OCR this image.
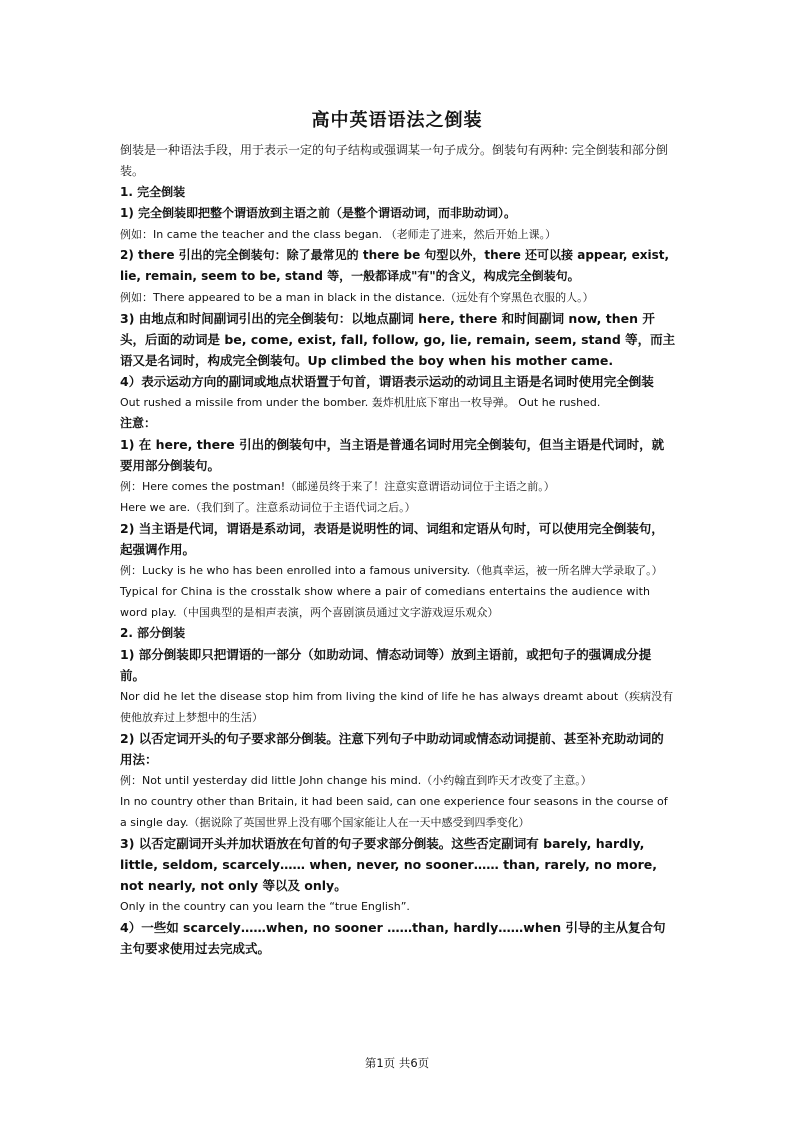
高中英语语法之倒装

倒装是一种语法手段，用于表示一定的句子结构或强调某一句子成分。倒装句有两种: 完全倒装和部分倒装。

1. 完全倒装

1) 完全倒装即把整个谓语放到主语之前（是整个谓语动词，而非助动词）。

例如：In came the teacher and the class began. （老师走了进来，然后开始上课。）

2) there 引出的完全倒装句：除了最常见的 there be 句型以外，there 还可以接 appear, exist, lie, remain, seem to be, stand 等，一般都译成"有"的含义，构成完全倒装句。

例如：There appeared to be a man in black in the distance.（远处有个穿黑色衣服的人。）

3) 由地点和时间副词引出的完全倒装句：以地点副词 here, there 和时间副词 now, then 开头，后面的动词是 be, come, exist, fall, follow, go, lie, remain, seem, stand 等，而主语又是名词时，构成完全倒装句。Up climbed the boy when his mother came.

4）表示运动方向的副词或地点状语置于句首，谓语表示运动的动词且主语是名词时使用完全倒装

Out rushed a missile from under the bomber. 轰炸机肚底下窜出一枚导弹。 Out he rushed.

注意：

1) 在 here, there 引出的倒装句中，当主语是普通名词时用完全倒装句，但当主语是代词时，就要用部分倒装句。

例：Here comes the postman!（邮递员终于来了！注意实意谓语动词位于主语之前。）

Here we are.（我们到了。注意系动词位于主语代词之后。）

2) 当主语是代词，谓语是系动词，表语是说明性的词、词组和定语从句时，可以使用完全倒装句，起强调作用。

例：Lucky is he who has been enrolled into a famous university.（他真幸运，被一所名牌大学录取了。）

Typical for China is the crosstalk show where a pair of comedians entertains the audience with word play.（中国典型的是相声表演，两个喜剧演员通过文字游戏逗乐观众）

2. 部分倒装

1) 部分倒装即只把谓语的一部分（如助动词、情态动词等）放到主语前，或把句子的强调成分提前。

Nor did he let the disease stop him from living the kind of life he has always dreamt about（疾病没有使他放弃过上梦想中的生活）

2) 以否定词开头的句子要求部分倒装。注意下列句子中助动词或情态动词提前、甚至补充助动词的用法：

例：Not until yesterday did little John change his mind.（小约翰直到昨天才改变了主意。）

In no country other than Britain, it had been said, can one experience four seasons in the course of a single day.（据说除了英国世界上没有哪个国家能让人在一天中感受到四季变化）

3) 以否定副词开头并加状语放在句首的句子要求部分倒装。这些否定副词有 barely, hardly, little, seldom, scarcely…… when, never, no sooner…… than, rarely, no more, not nearly, not only 等以及 only。

Only in the country can you learn the “true English”.

4）一些如 scarcely……when, no sooner ……than, hardly……when 引导的主从复合句主句要求使用过去完成式。

第1页 共6页
